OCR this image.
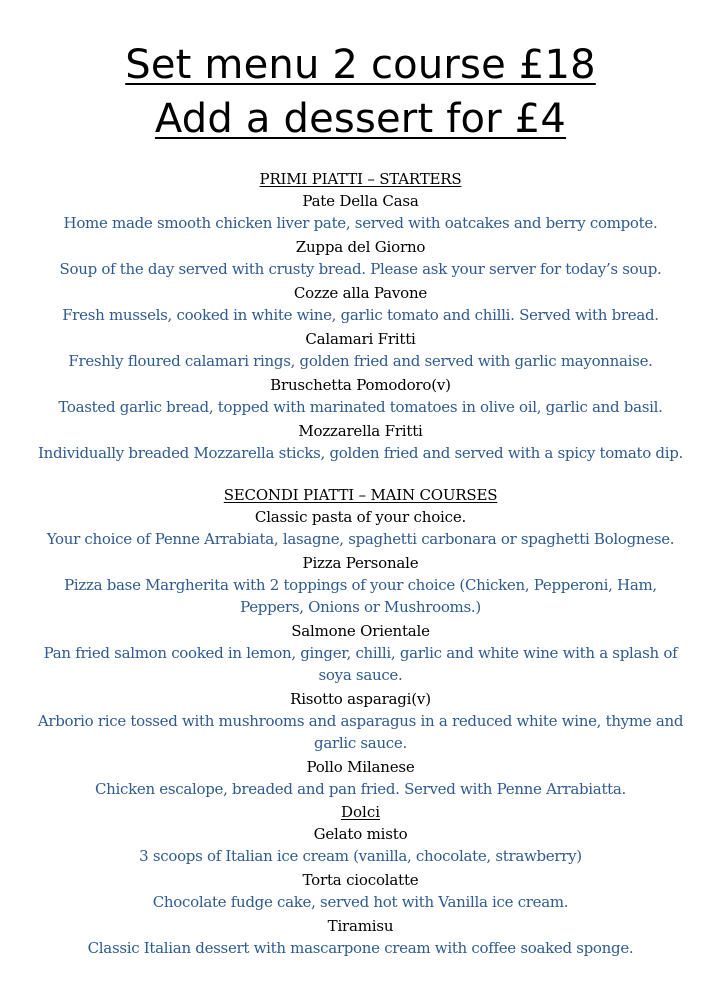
Set menu 2 course £18

Add a dessert for £4

PRIMI PIATTI – STARTERS

Pate Della Casa

Home made smooth chicken liver pate, served with oatcakes and berry compote.

Zuppa del Giorno

Soup of the day served with crusty bread. Please ask your server for today’s soup.

Cozze alla Pavone

Fresh mussels, cooked in white wine, garlic tomato and chilli. Served with bread.

Calamari Fritti

Freshly floured calamari rings, golden fried and served with garlic mayonnaise.

Bruschetta Pomodoro(v)

Toasted garlic bread, topped with marinated tomatoes in olive oil, garlic and basil.

Mozzarella Fritti

Individually breaded Mozzarella sticks, golden fried and served with a spicy tomato dip.

SECONDI PIATTI – MAIN COURSES

Classic pasta of your choice.

Your choice of Penne Arrabiata, lasagne, spaghetti carbonara or spaghetti Bolognese.

Pizza Personale

Pizza base Margherita with 2 toppings of your choice (Chicken, Pepperoni, Ham, Peppers, Onions or Mushrooms.)

Salmone Orientale

Pan fried salmon cooked in lemon, ginger, chilli, garlic and white wine with a splash of soya sauce.

Risotto asparagi(v)

Arborio rice tossed with mushrooms and asparagus in a reduced white wine, thyme and garlic sauce.

Pollo Milanese

Chicken escalope, breaded and pan fried. Served with Penne Arrabiatta.

Dolci

Gelato misto

3 scoops of Italian ice cream (vanilla, chocolate, strawberry)

Torta ciocolatte

Chocolate fudge cake, served hot with Vanilla ice cream.

Tiramisu

Classic Italian dessert with mascarpone cream with coffee soaked sponge.
